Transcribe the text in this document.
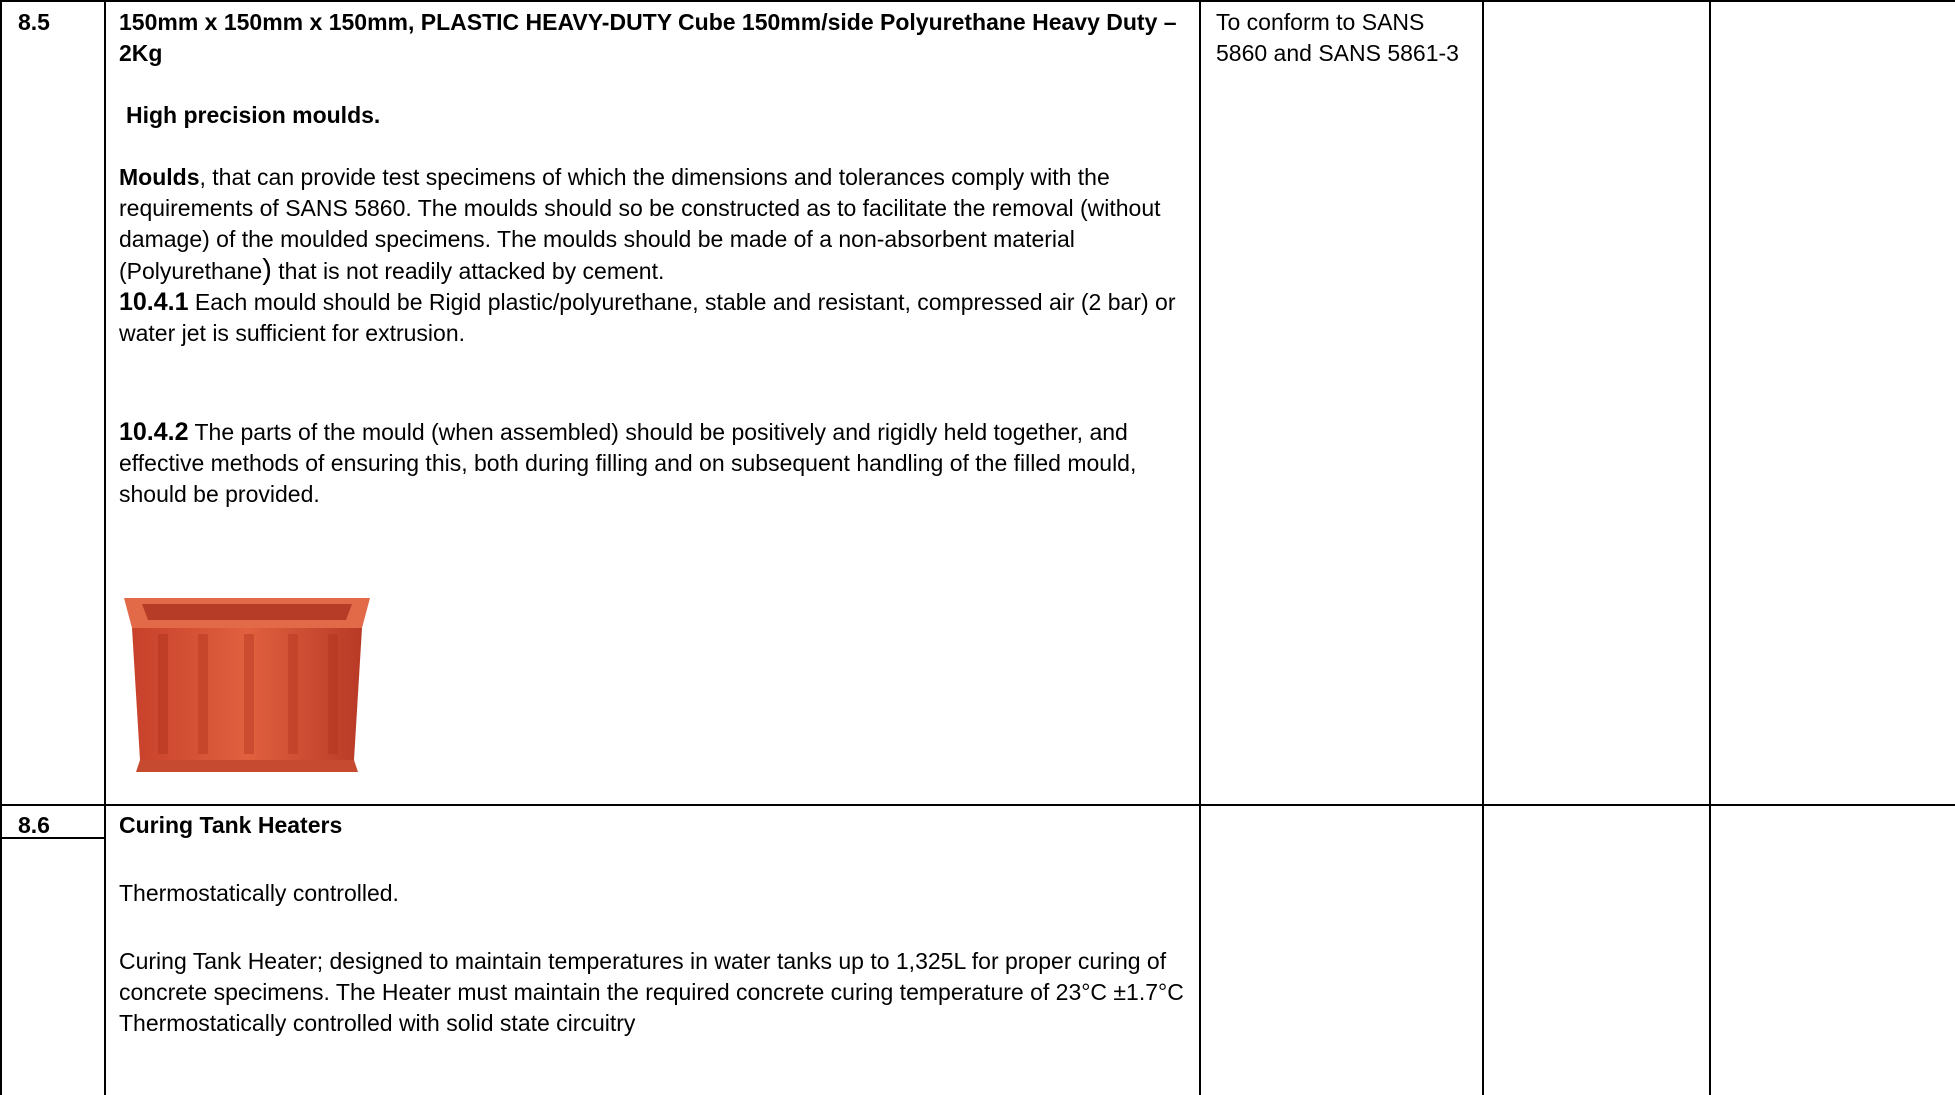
8.5	150mm x 150mm x 150mm, PLASTIC HEAVY-DUTY Cube 150mm/side Polyurethane Heavy Duty – 2Kg

High precision moulds.

Moulds, that can provide test specimens of which the dimensions and tolerances comply with the requirements of SANS 5860. The moulds should so be constructed as to facilitate the removal (without damage) of the moulded specimens. The moulds should be made of a non-absorbent material (Polyurethane) that is not readily attacked by cement.

10.4.1 Each mould should be Rigid plastic/polyurethane, stable and resistant, compressed air (2 bar) or water jet is sufficient for extrusion.

10.4.2 The parts of the mould (when assembled) should be positively and rigidly held together, and effective methods of ensuring this, both during filling and on subsequent handling of the filled mould, should be provided.

To conform to SANS 5860 and SANS 5861-3
8.6	Curing Tank Heaters

Thermostatically controlled.

Curing Tank Heater; designed to maintain temperatures in water tanks up to 1,325L for proper curing of concrete specimens. The Heater must maintain the required concrete curing temperature of 23°C ±1.7°C

Thermostatically controlled with solid state circuitry
